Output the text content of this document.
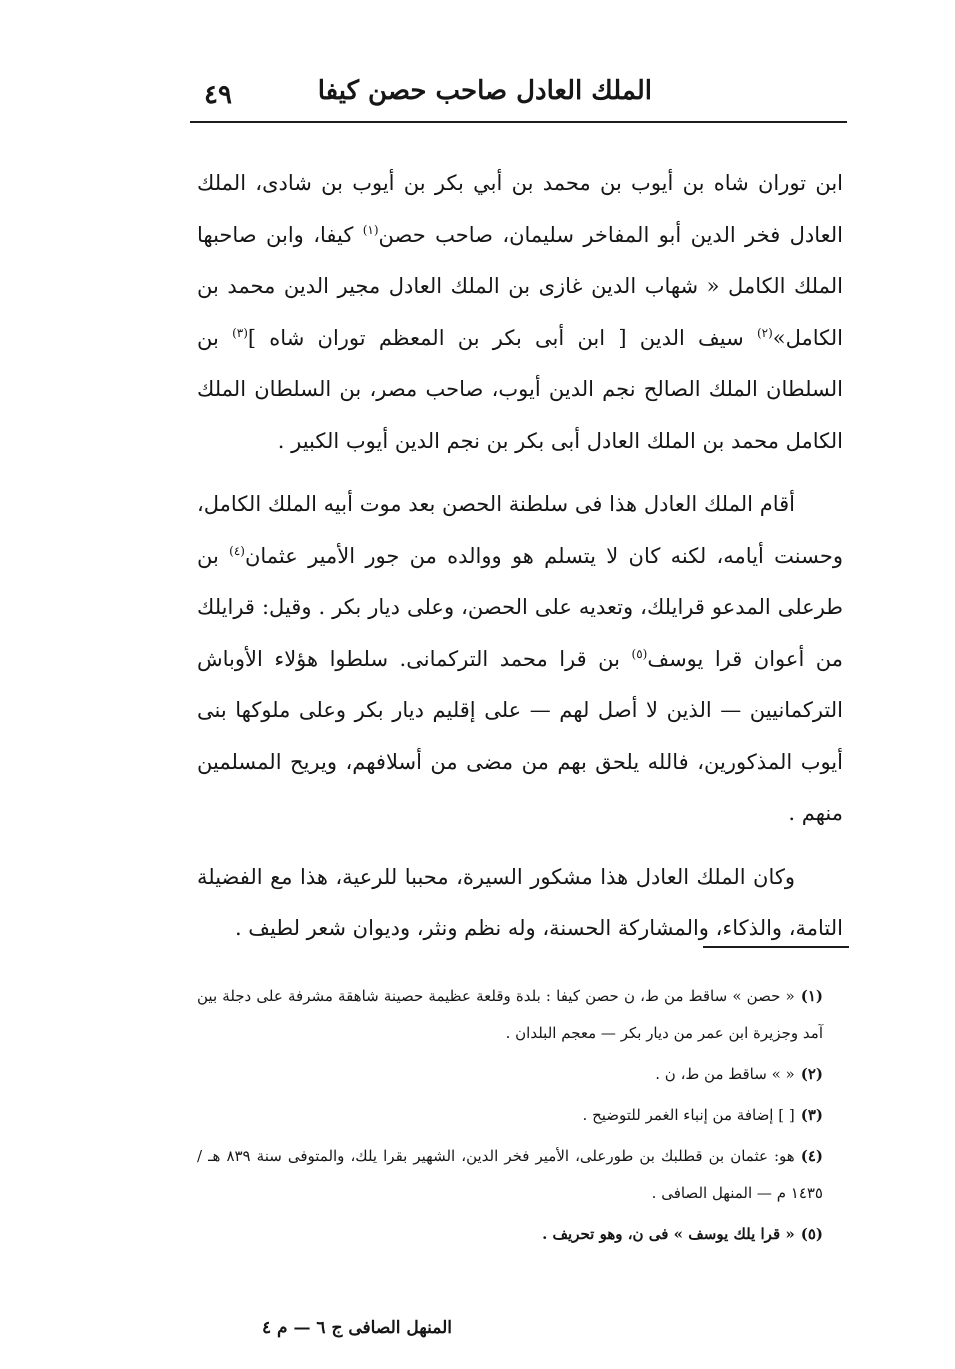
٤٩	الملك العادل صاحب حصن كيفا

ابن توران شاه بن أيوب بن محمد بن أبي بكر بن أيوب بن شادى، الملك العادل فخر الدين أبو المفاخر سليمان، صاحب حصن$^{(١)}$ كيفا، وابن صاحبها الملك الكامل « شهاب الدين غازى بن الملك العادل مجير الدين محمد بن الكامل»$^{(٢)}$ سيف الدين [ ابن أبى بكر بن المعظم توران شاه ]$^{(٣)}$ بن السلطان الملك الصالح نجم الدين أيوب، صاحب مصر، بن السلطان الملك الكامل محمد بن الملك العادل أبى بكر بن نجم الدين أيوب الكبير .

أقام الملك العادل هذا فى سلطنة الحصن بعد موت أبيه الملك الكامل، وحسنت أيامه، لكنه كان لا يتسلم هو ووالده من جور الأمير عثمان$^{(٤)}$ بن طرعلى المدعو قرايلك، وتعديه على الحصن، وعلى ديار بكر . وقيل: قرايلك من أعوان قرا يوسف$^{(٥)}$ بن قرا محمد التركمانى. سلطوا هؤلاء الأوباش التركمانيين — الذين لا أصل لهم — على إقليم ديار بكر وعلى ملوكها بنى أيوب المذكورين، فالله يلحق بهم من مضى من أسلافهم، ويريح المسلمين منهم .

وكان الملك العادل هذا مشكور السيرة، محببا للرعية، هذا مع الفضيلة التامة، والذكاء، والمشاركة الحسنة، وله نظم ونثر، وديوان شعر لطيف .

(١)« حصن » ساقط من ط، ن حصن كيفا : بلدة وقلعة عظيمة حصينة شاهقة مشرفة على دجلة بين آمد وجزيرة ابن عمر من ديار بكر — معجم البلدان .

(٢)« » ساقط من ط، ن .

(٣)[ ] إضافة من إنباء الغمر للتوضيح .

(٤)هو: عثمان بن قطلبك بن طورعلى، الأمير فخر الدين، الشهير بقرا يلك، والمتوفى سنة ٨٣٩ هـ / ١٤٣٥ م — المنهل الصافى .

(٥)« قرا يلك يوسف » فى ن، وهو تحريف .

المنهل الصافى ج ٦ — م ٤
